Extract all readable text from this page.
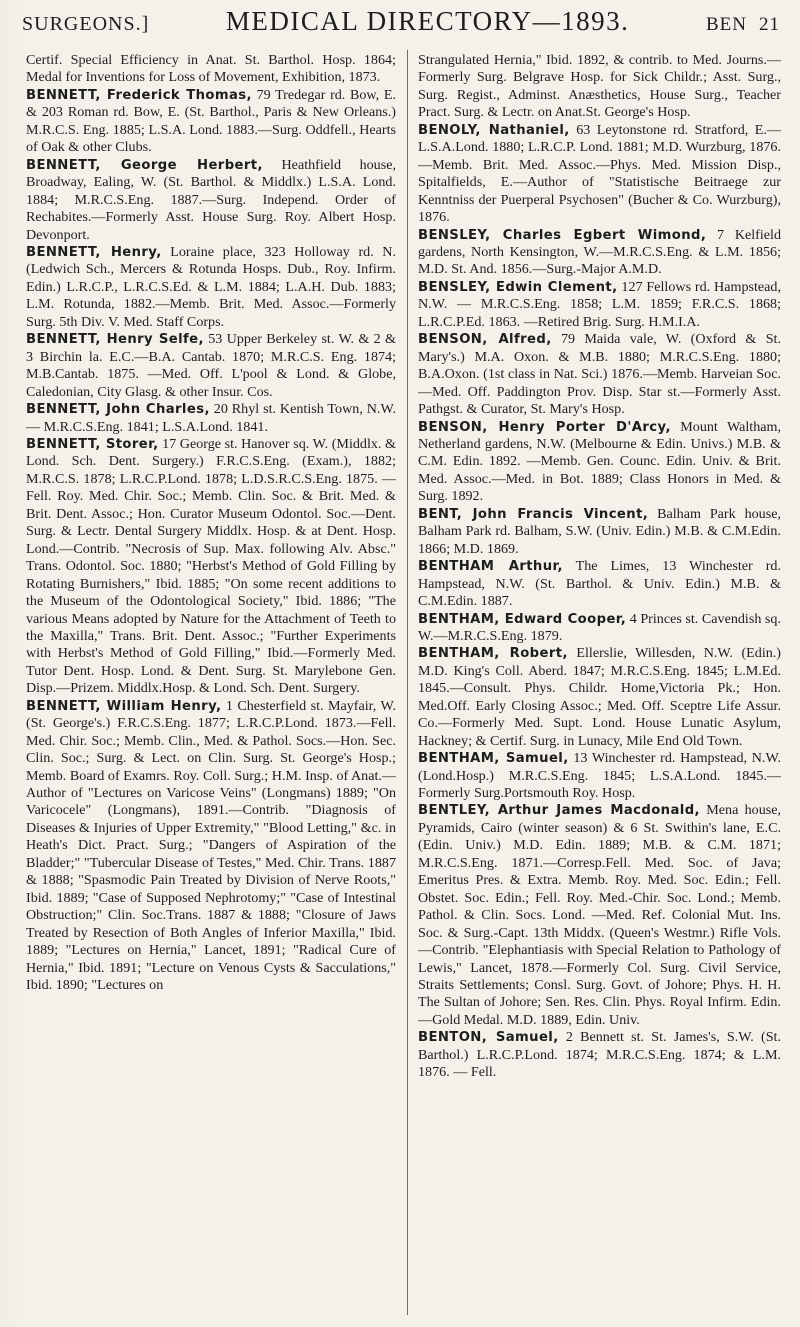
SURGEONS.]	MEDICAL DIRECTORY—1893.	BEN 21

Certif. Special Efficiency in Anat. St. Barthol. Hosp. 1864; Medal for Inventions for Loss of Movement, Exhibition, 1873.

BENNETT, Frederick Thomas, 79 Tredegar rd. Bow, E. & 203 Roman rd. Bow, E. (St. Barthol., Paris & New Orleans.) M.R.C.S. Eng. 1885; L.S.A. Lond. 1883.—Surg. Oddfell., Hearts of Oak & other Clubs.

BENNETT, George Herbert, Heathfield house, Broadway, Ealing, W. (St. Barthol. & Middlx.) L.S.A. Lond. 1884; M.R.C.S.Eng. 1887.—Surg. Independ. Order of Rechabites.—Formerly Asst. House Surg. Roy. Albert Hosp. Devonport.

BENNETT, Henry, Loraine place, 323 Holloway rd. N. (Ledwich Sch., Mercers & Rotunda Hosps. Dub., Roy. Infirm. Edin.) L.R.C.P., L.R.C.S.Ed. & L.M. 1884; L.A.H. Dub. 1883; L.M. Rotunda, 1882.—Memb. Brit. Med. Assoc.—Formerly Surg. 5th Div. V. Med. Staff Corps.

BENNETT, Henry Selfe, 53 Upper Berkeley st. W. & 2 & 3 Birchin la. E.C.—B.A. Cantab. 1870; M.R.C.S. Eng. 1874; M.B.Cantab. 1875. —Med. Off. L'pool & Lond. & Globe, Caledonian, City Glasg. & other Insur. Cos.

BENNETT, John Charles, 20 Rhyl st. Kentish Town, N.W. — M.R.C.S.Eng. 1841; L.S.A.Lond. 1841.

BENNETT, Storer, 17 George st. Hanover sq. W. (Middlx. & Lond. Sch. Dent. Surgery.) F.R.C.S.Eng. (Exam.), 1882; M.R.C.S. 1878; L.R.C.P.Lond. 1878; L.D.S.R.C.S.Eng. 1875. —Fell. Roy. Med. Chir. Soc.; Memb. Clin. Soc. & Brit. Med. & Brit. Dent. Assoc.; Hon. Curator Museum Odontol. Soc.—Dent. Surg. & Lectr. Dental Surgery Middlx. Hosp. & at Dent. Hosp. Lond.—Contrib. "Necrosis of Sup. Max. following Alv. Absc." Trans. Odontol. Soc. 1880; "Herbst's Method of Gold Filling by Rotating Burnishers," Ibid. 1885; "On some recent additions to the Museum of the Odontological Society," Ibid. 1886; "The various Means adopted by Nature for the Attachment of Teeth to the Maxilla," Trans. Brit. Dent. Assoc.; "Further Experiments with Herbst's Method of Gold Filling," Ibid.—Formerly Med. Tutor Dent. Hosp. Lond. & Dent. Surg. St. Marylebone Gen. Disp.—Prizem. Middlx.Hosp. & Lond. Sch. Dent. Surgery.

BENNETT, William Henry, 1 Chesterfield st. Mayfair, W. (St. George's.) F.R.C.S.Eng. 1877; L.R.C.P.Lond. 1873.—Fell. Med. Chir. Soc.; Memb. Clin., Med. & Pathol. Socs.—Hon. Sec. Clin. Soc.; Surg. & Lect. on Clin. Surg. St. George's Hosp.; Memb. Board of Examrs. Roy. Coll. Surg.; H.M. Insp. of Anat.—Author of "Lectures on Varicose Veins" (Longmans) 1889; "On Varicocele" (Longmans), 1891.—Contrib. "Diagnosis of Diseases & Injuries of Upper Extremity," "Blood Letting," &c. in Heath's Dict. Pract. Surg.; "Dangers of Aspiration of the Bladder;" "Tubercular Disease of Testes," Med. Chir. Trans. 1887 & 1888; "Spasmodic Pain Treated by Division of Nerve Roots," Ibid. 1889; "Case of Supposed Nephrotomy;" "Case of Intestinal Obstruction;" Clin. Soc.Trans. 1887 & 1888; "Closure of Jaws Treated by Resection of Both Angles of Inferior Maxilla," Ibid. 1889; "Lectures on Hernia," Lancet, 1891; "Radical Cure of Hernia," Ibid. 1891; "Lecture on Venous Cysts & Sacculations," Ibid. 1890; "Lectures on

Strangulated Hernia," Ibid. 1892, & contrib. to Med. Journs.—Formerly Surg. Belgrave Hosp. for Sick Childr.; Asst. Surg., Surg. Regist., Adminst. Anæsthetics, House Surg., Teacher Pract. Surg. & Lectr. on Anat.St. George's Hosp.

BENOLY, Nathaniel, 63 Leytonstone rd. Stratford, E.—L.S.A.Lond. 1880; L.R.C.P. Lond. 1881; M.D. Wurzburg, 1876.—Memb. Brit. Med. Assoc.—Phys. Med. Mission Disp., Spitalfields, E.—Author of "Statistische Beitraege zur Kenntniss der Puerperal Psychosen" (Bucher & Co. Wurzburg), 1876.

BENSLEY, Charles Egbert Wimond, 7 Kelfield gardens, North Kensington, W.—M.R.C.S.Eng. & L.M. 1856; M.D. St. And. 1856.—Surg.-Major A.M.D.

BENSLEY, Edwin Clement, 127 Fellows rd. Hampstead, N.W. — M.R.C.S.Eng. 1858; L.M. 1859; F.R.C.S. 1868; L.R.C.P.Ed. 1863. —Retired Brig. Surg. H.M.I.A.

BENSON, Alfred, 79 Maida vale, W. (Oxford & St. Mary's.) M.A. Oxon. & M.B. 1880; M.R.C.S.Eng. 1880; B.A.Oxon. (1st class in Nat. Sci.) 1876.—Memb. Harveian Soc.—Med. Off. Paddington Prov. Disp. Star st.—Formerly Asst. Pathgst. & Curator, St. Mary's Hosp.

BENSON, Henry Porter D'Arcy, Mount Waltham, Netherland gardens, N.W. (Melbourne & Edin. Univs.) M.B. & C.M. Edin. 1892. —Memb. Gen. Counc. Edin. Univ. & Brit. Med. Assoc.—Med. in Bot. 1889; Class Honors in Med. & Surg. 1892.

BENT, John Francis Vincent, Balham Park house, Balham Park rd. Balham, S.W. (Univ. Edin.) M.B. & C.M.Edin. 1866; M.D. 1869.

BENTHAM Arthur, The Limes, 13 Winchester rd. Hampstead, N.W. (St. Barthol. & Univ. Edin.) M.B. & C.M.Edin. 1887.

BENTHAM, Edward Cooper, 4 Princes st. Cavendish sq. W.—M.R.C.S.Eng. 1879.

BENTHAM, Robert, Ellerslie, Willesden, N.W. (Edin.) M.D. King's Coll. Aberd. 1847; M.R.C.S.Eng. 1845; L.M.Ed. 1845.—Consult. Phys. Childr. Home,Victoria Pk.; Hon. Med.Off. Early Closing Assoc.; Med. Off. Sceptre Life Assur. Co.—Formerly Med. Supt. Lond. House Lunatic Asylum, Hackney; & Certif. Surg. in Lunacy, Mile End Old Town.

BENTHAM, Samuel, 13 Winchester rd. Hampstead, N.W. (Lond.Hosp.) M.R.C.S.Eng. 1845; L.S.A.Lond. 1845.—Formerly Surg.Portsmouth Roy. Hosp.

BENTLEY, Arthur James Macdonald, Mena house, Pyramids, Cairo (winter season) & 6 St. Swithin's lane, E.C. (Edin. Univ.) M.D. Edin. 1889; M.B. & C.M. 1871; M.R.C.S.Eng. 1871.—Corresp.Fell. Med. Soc. of Java; Emeritus Pres. & Extra. Memb. Roy. Med. Soc. Edin.; Fell. Obstet. Soc. Edin.; Fell. Roy. Med.-Chir. Soc. Lond.; Memb. Pathol. & Clin. Socs. Lond. —Med. Ref. Colonial Mut. Ins. Soc. & Surg.-Capt. 13th Middx. (Queen's Westmr.) Rifle Vols.—Contrib. "Elephantiasis with Special Relation to Pathology of Lewis," Lancet, 1878.—Formerly Col. Surg. Civil Service, Straits Settlements; Consl. Surg. Govt. of Johore; Phys. H. H. The Sultan of Johore; Sen. Res. Clin. Phys. Royal Infirm. Edin.—Gold Medal. M.D. 1889, Edin. Univ.

BENTON, Samuel, 2 Bennett st. St. James's, S.W. (St. Barthol.) L.R.C.P.Lond. 1874; M.R.C.S.Eng. 1874; & L.M. 1876. — Fell.
